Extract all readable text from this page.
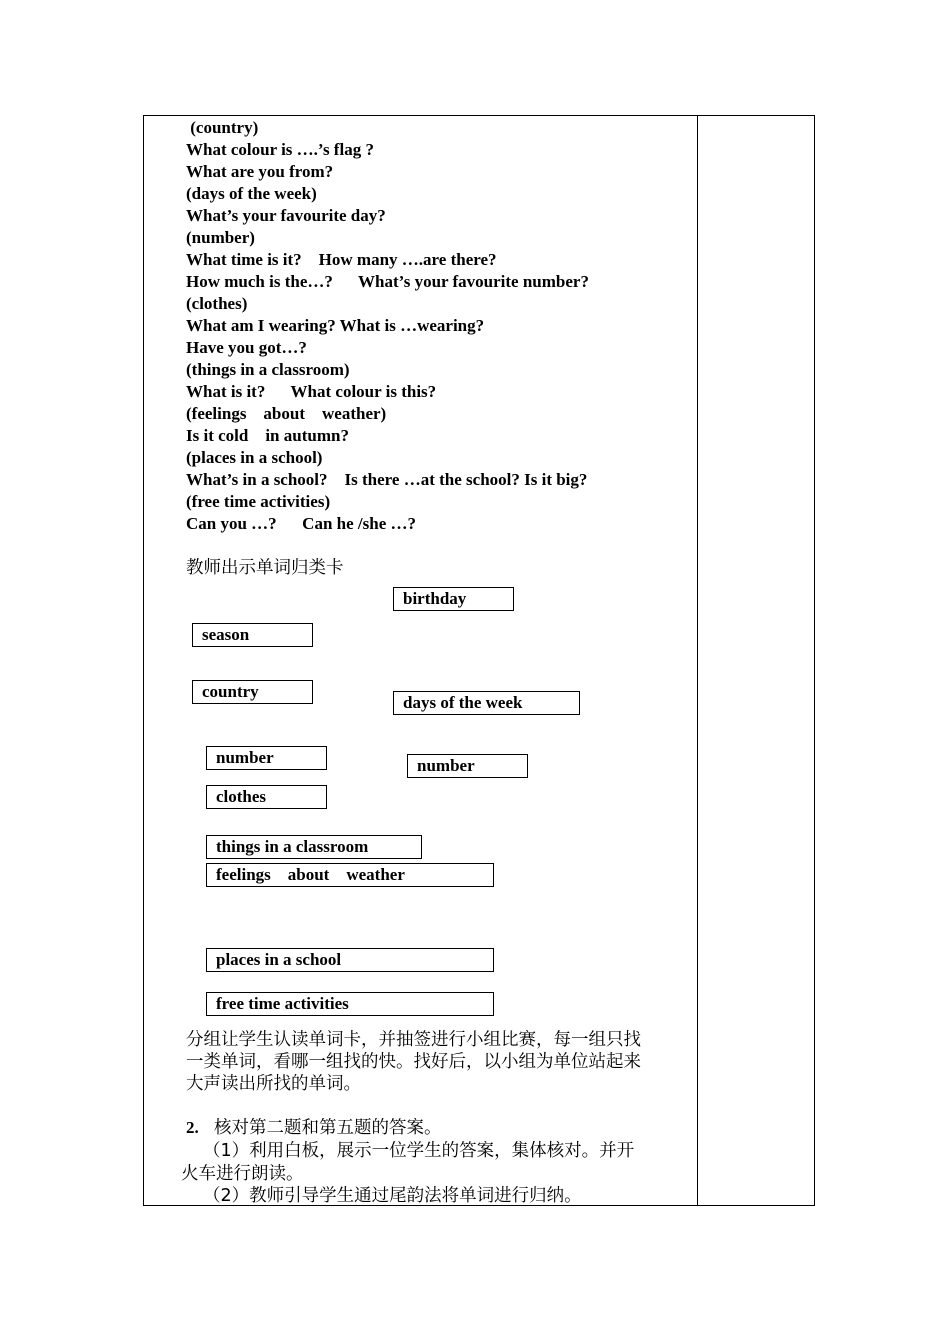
(country)
What colour is ….’s flag ?
What are you from?
(days of the week)
What’s your favourite day?
(number)
What time is it?    How many ….are there?
How much is the…?      What’s your favourite number?
(clothes)
What am I wearing? What is …wearing?
Have you got…?
(things in a classroom)
What is it?      What colour is this?
(feelings    about    weather)
Is it cold    in autumn?
(places in a school)
What’s in a school?    Is there …at the school? Is it big?
(free time activities)
Can you …?      Can he /she …?
教师出示单词归类卡
birthday
season
country
days of the week
number	number
clothes
things in a classroom
feelings    about    weather
places in a school
free time activities
分组让学生认读单词卡，并抽签进行小组比赛，每一组只找
一类单词，看哪一组找的快。找好后，以小组为单位站起来
大声读出所找的单词。
2. 核对第二题和第五题的答案。
（1）利用白板，展示一位学生的答案，集体核对。并开
火车进行朗读。
（2）教师引导学生通过尾韵法将单词进行归纳。
